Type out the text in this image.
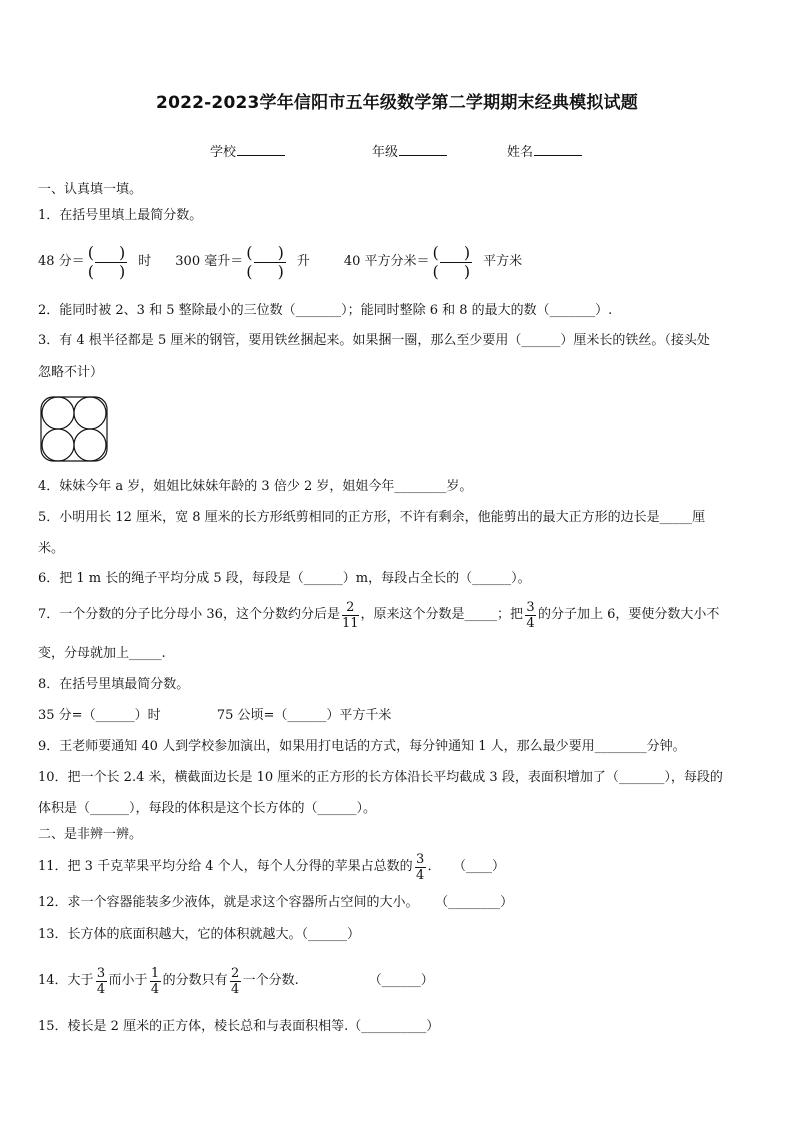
2022-2023学年信阳市五年级数学第二学期期末经典模拟试题
学校	年级	姓名
一、认真填一填。
1．在括号里填上最简分数。
48 分＝ ( )
( ) 时 300 毫升＝ ( )
( ) 升	40 平方分米＝ ( )
( ) 平方米
2．能同时被 2、3 和 5 整除最小的三位数（_______）；能同时整除 6 和 8 的最大的数（_______）.
3．有 4 根半径都是 5 厘米的钢管，要用铁丝捆起来。如果捆一圈，那么至少要用（______）厘米长的铁丝。（接头处
忽略不计）
4．妹妹今年 a 岁，姐姐比妹妹年龄的 3 倍少 2 岁，姐姐今年________岁。
5．小明用长 12 厘米，宽 8 厘米的长方形纸剪相同的正方形，不许有剩余，他能剪出的最大正方形的边长是_____厘
米。
6．把 1 m 长的绳子平均分成 5 段，每段是（______）m，每段占全长的（______）。
7．一个分数的分子比分母小 36，这个分数约分后是 $\frac{2}{11}$ ，原来这个分数是_____；把 $\frac{3}{4}$ 的分子加上 6，要使分数大小不
变，分母就加上_____.
8．在括号里填最简分数。
35 分=（______）时	75 公顷=（______）平方千米
9．王老师要通知 40 人到学校参加演出，如果用打电话的方式，每分钟通知 1 人，那么最少要用________分钟。
10．把一个长 2.4 米，横截面边长是 10 厘米的正方形的长方体沿长平均截成 3 段，表面积增加了（_______），每段的
体积是（______），每段的体积是这个长方体的（______）。
二、是非辨一辨。
11．把 3 千克苹果平均分给 4 个人，每个人分得的苹果占总数的 $\frac{3}{4}$ ．   （____）
12．求一个容器能装多少液体，就是求这个容器所占空间的大小。    （________）
13．长方体的底面积越大，它的体积就越大。（______）
14．大于 $\frac{3}{4}$ 而小于 $\frac{1}{4}$ 的分数只有 $\frac{2}{4}$ 一个分数.	（______）
15．棱长是 2 厘米的正方体，棱长总和与表面积相等.（__________）
